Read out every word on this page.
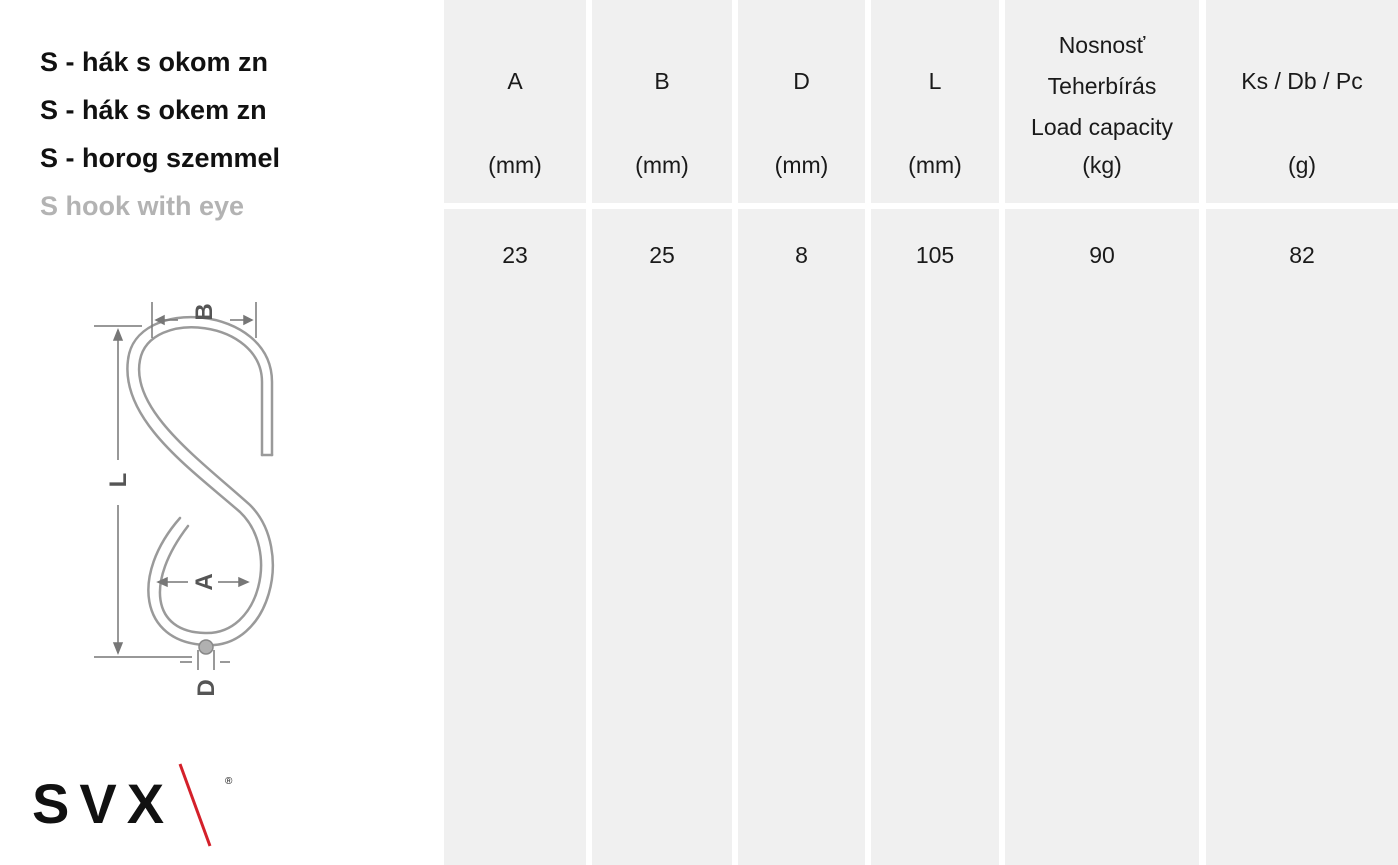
S - hák s okom zn
S - hák s okem zn
S - horog szemmel
S hook with eye
B
L
A
D
SVX	®
A
(mm)
23
B
(mm)
25
D
(mm)
8
L
(mm)
105
Nosnosť
Teherbírás
Load capacity
(kg)
90
Ks / Db / Pc
(g)
82
